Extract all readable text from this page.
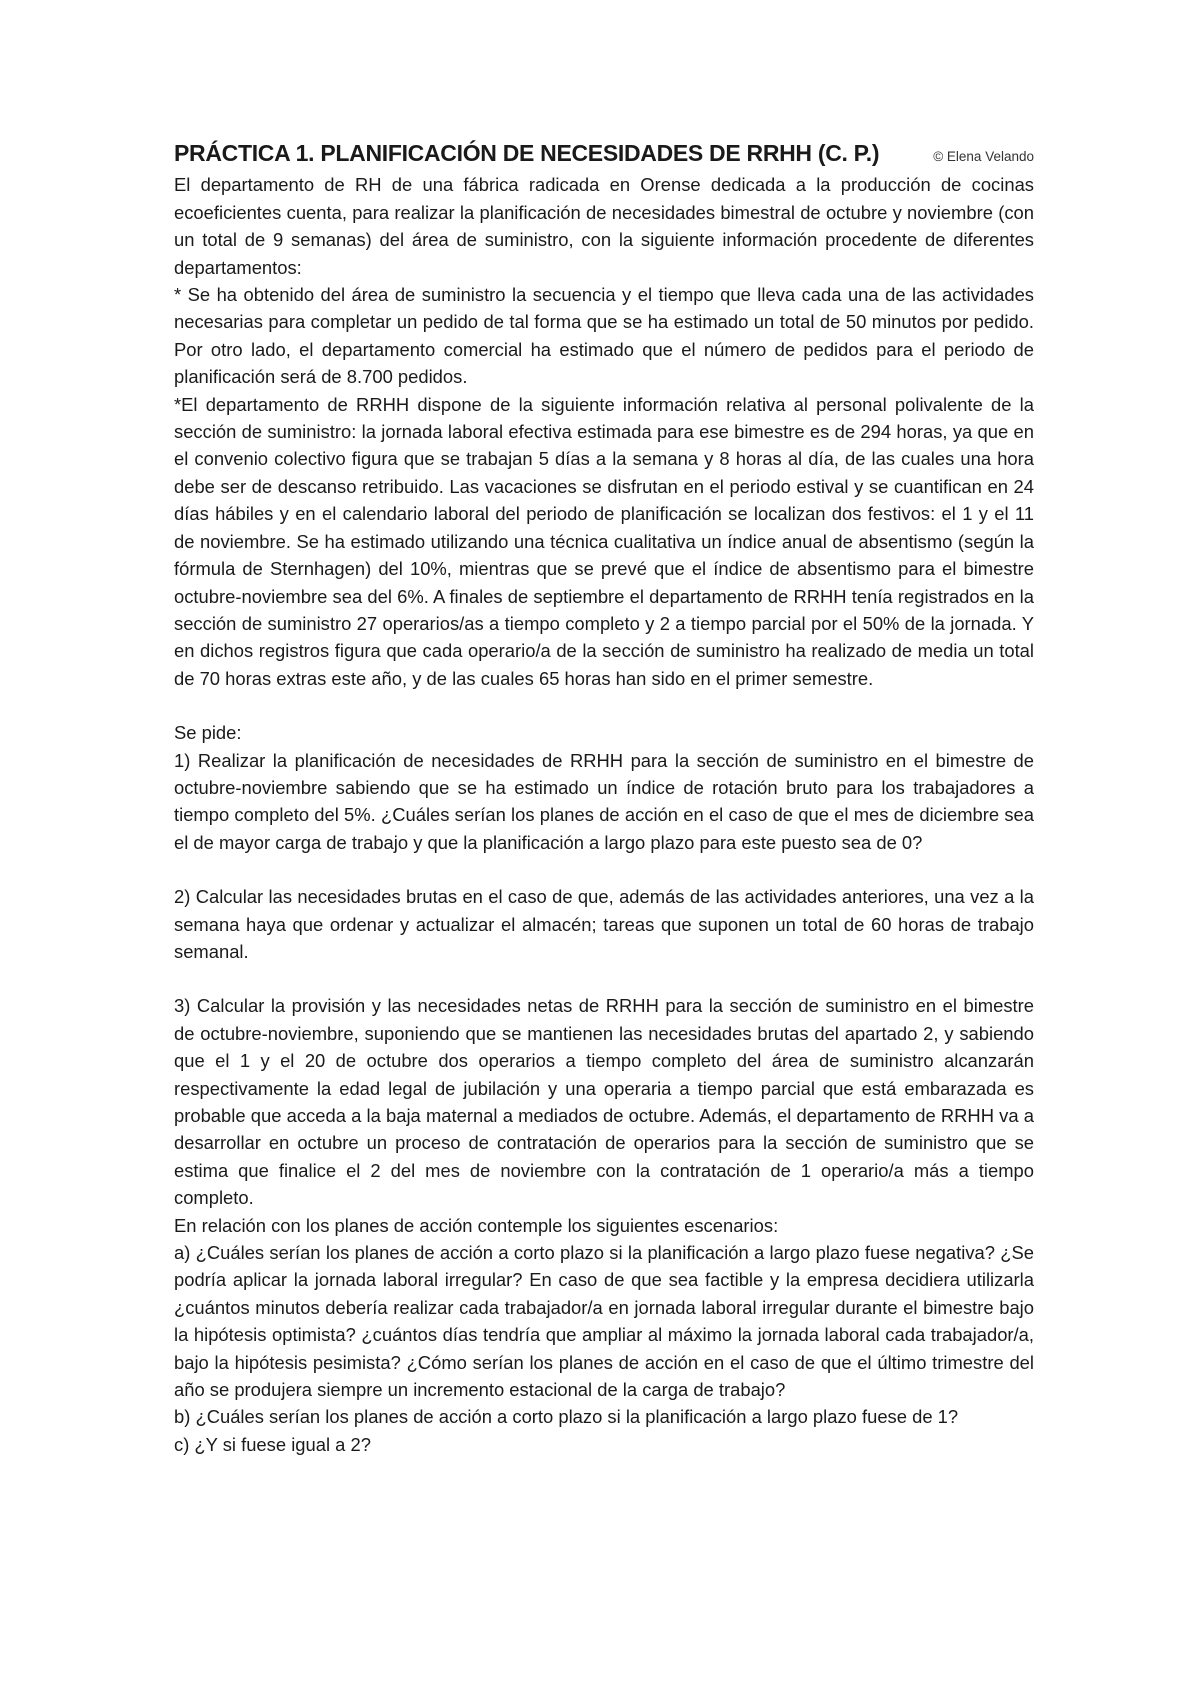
PRÁCTICA 1. PLANIFICACIÓN DE NECESIDADES DE RRHH (C. P.)	© Elena Velando

El departamento de RH de una fábrica radicada en Orense dedicada a la producción de cocinas ecoeficientes cuenta, para realizar la planificación de necesidades bimestral de octubre y noviembre (con un total de 9 semanas) del área de suministro, con la siguiente información procedente de diferentes departamentos:

* Se ha obtenido del área de suministro la secuencia y el tiempo que lleva cada una de las actividades necesarias para completar un pedido de tal forma que se ha estimado un total de 50 minutos por pedido. Por otro lado, el departamento comercial ha estimado que el número de pedidos para el periodo de planificación será de 8.700 pedidos.

*El departamento de RRHH dispone de la siguiente información relativa al personal polivalente de la sección de suministro: la jornada laboral efectiva estimada para ese bimestre es de 294 horas, ya que en el convenio colectivo figura que se trabajan 5 días a la semana y 8 horas al día, de las cuales una hora debe ser de descanso retribuido. Las vacaciones se disfrutan en el periodo estival y se cuantifican en 24 días hábiles y en el calendario laboral del periodo de planificación se localizan dos festivos: el 1 y el 11 de noviembre. Se ha estimado utilizando una técnica cualitativa un índice anual de absentismo (según la fórmula de Sternhagen) del 10%, mientras que se prevé que el índice de absentismo para el bimestre octubre-noviembre sea del 6%. A finales de septiembre el departamento de RRHH tenía registrados en la sección de suministro 27 operarios/as a tiempo completo y 2 a tiempo parcial por el 50% de la jornada. Y en dichos registros figura que cada operario/a de la sección de suministro ha realizado de media un total de 70 horas extras este año, y de las cuales 65 horas han sido en el primer semestre.

Se pide:

1) Realizar la planificación de necesidades de RRHH para la sección de suministro en el bimestre de octubre-noviembre sabiendo que se ha estimado un índice de rotación bruto para los trabajadores a tiempo completo del 5%. ¿Cuáles serían los planes de acción en el caso de que el mes de diciembre sea el de mayor carga de trabajo y que la planificación a largo plazo para este puesto sea de 0?

2) Calcular las necesidades brutas en el caso de que, además de las actividades anteriores, una vez a la semana haya que ordenar y actualizar el almacén; tareas que suponen un total de 60 horas de trabajo semanal.

3) Calcular la provisión y las necesidades netas de RRHH para la sección de suministro en el bimestre de octubre-noviembre, suponiendo que se mantienen las necesidades brutas del apartado 2, y sabiendo que el 1 y el 20 de octubre dos operarios a tiempo completo del área de suministro alcanzarán respectivamente la edad legal de jubilación y una operaria a tiempo parcial que está embarazada es probable que acceda a la baja maternal a mediados de octubre. Además, el departamento de RRHH va a desarrollar en octubre un proceso de contratación de operarios para la sección de suministro que se estima que finalice el 2 del mes de noviembre con la contratación de 1 operario/a más a tiempo completo.

En relación con los planes de acción contemple los siguientes escenarios:

a) ¿Cuáles serían los planes de acción a corto plazo si la planificación a largo plazo fuese negativa? ¿Se podría aplicar la jornada laboral irregular? En caso de que sea factible y la empresa decidiera utilizarla ¿cuántos minutos debería realizar cada trabajador/a en jornada laboral irregular durante el bimestre bajo la hipótesis optimista? ¿cuántos días tendría que ampliar al máximo la jornada laboral cada trabajador/a, bajo la hipótesis pesimista? ¿Cómo serían los planes de acción en el caso de que el último trimestre del año se produjera siempre un incremento estacional de la carga de trabajo?

b) ¿Cuáles serían los planes de acción a corto plazo si la planificación a largo plazo fuese de 1?

c) ¿Y si fuese igual a 2?
